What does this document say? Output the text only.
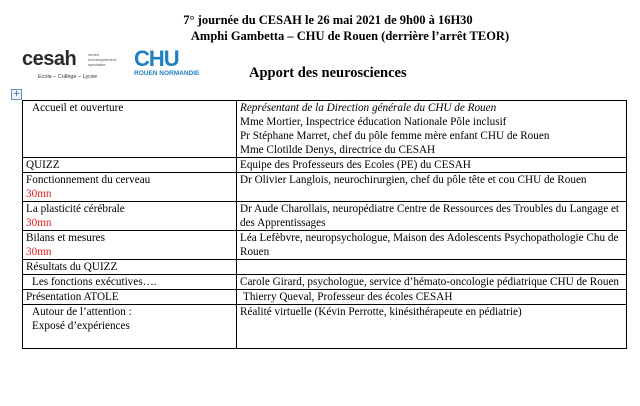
7° journée du CESAH le 26 mai 2021 de 9h00 à 16H30
Amphi Gambetta – CHU de Rouen (derrière l’arrêt TEOR)
cesah	centre d'enseignement spécialisé
Ecole – Collège – Lycée
CHU
ROUEN NORMANDIE	Apport des neurosciences
+
Accueil et ouverture	Représentant de la Direction générale du CHU de Rouen
Mme Mortier, Inspectrice éducation Nationale Pôle inclusif
Pr Stéphane Marret, chef du pôle femme mère enfant CHU de Rouen
Mme Clotilde Denys, directrice du CESAH

QUIZZ	Equipe des Professeurs des Ecoles (PE) du CESAH

Fonctionnement du cerveau
30mn	Dr Olivier Langlois, neurochirurgien, chef du pôle tête et cou CHU de Rouen

La plasticité cérébrale
30mn	Dr Aude Charollais, neuropédiatre Centre de Ressources des Troubles du Langage et des Apprentissages

Bilans et mesures
30mn	Léa Lefèbvre, neuropsychologue, Maison des Adolescents Psychopathologie Chu de Rouen

Résultats du QUIZZ	

Les fonctions exécutives….	Carole Girard, psychologue, service d’hémato-oncologie pédiatrique CHU de Rouen

Présentation ATOLE	Thierry Queval, Professeur des écoles CESAH

Autour de l’attention :
Exposé d’expériences	Réalité virtuelle (Kévin Perrotte, kinésithérapeute en pédiatrie)
